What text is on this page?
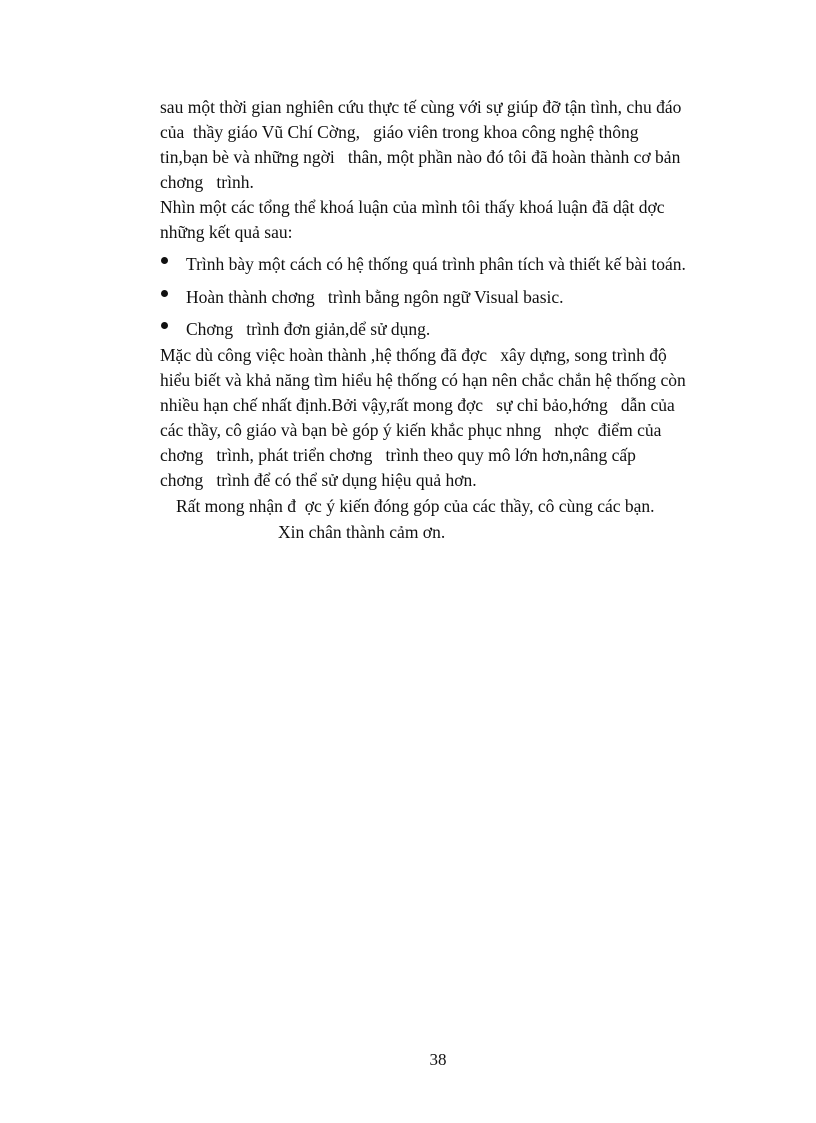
sau một thời gian nghiên cứu thực tế cùng với sự giúp đỡ tận tình, chu đáo
của  thầy giáo Vũ Chí Cờng,   giáo viên trong khoa công nghệ thông
tin,bạn bè và những ngời   thân, một phần nào đó tôi đã hoàn thành cơ bản
chơng   trình.
Nhìn một các tổng thể khoá luận của mình tôi thấy khoá luận đã dật dợc
những kết quả sau:
Trình bày một cách có hệ thống quá trình phân tích và thiết kế bài toán.
Hoàn thành chơng   trình bằng ngôn ngữ Visual basic.
Chơng   trình đơn giản,dể sử dụng.
Mặc dù công việc hoàn thành ,hệ thống đã đợc   xây dựng, song trình độ
hiểu biết và khả năng tìm hiểu hệ thống có hạn nên chắc chắn hệ thống còn
nhiều hạn chế nhất định.Bởi vậy,rất mong đợc   sự chỉ bảo,hớng   dẫn của
các thầy, cô giáo và bạn bè góp ý kiến khắc phục nhng   nhợc  điểm của
chơng   trình, phát triển chơng   trình theo quy mô lớn hơn,nâng cấp
chơng   trình để có thể sử dụng hiệu quả hơn.
Rất mong nhận đ  ợc ý kiến đóng góp của các thầy, cô cùng các bạn.
Xin chân thành cảm ơn.
38
